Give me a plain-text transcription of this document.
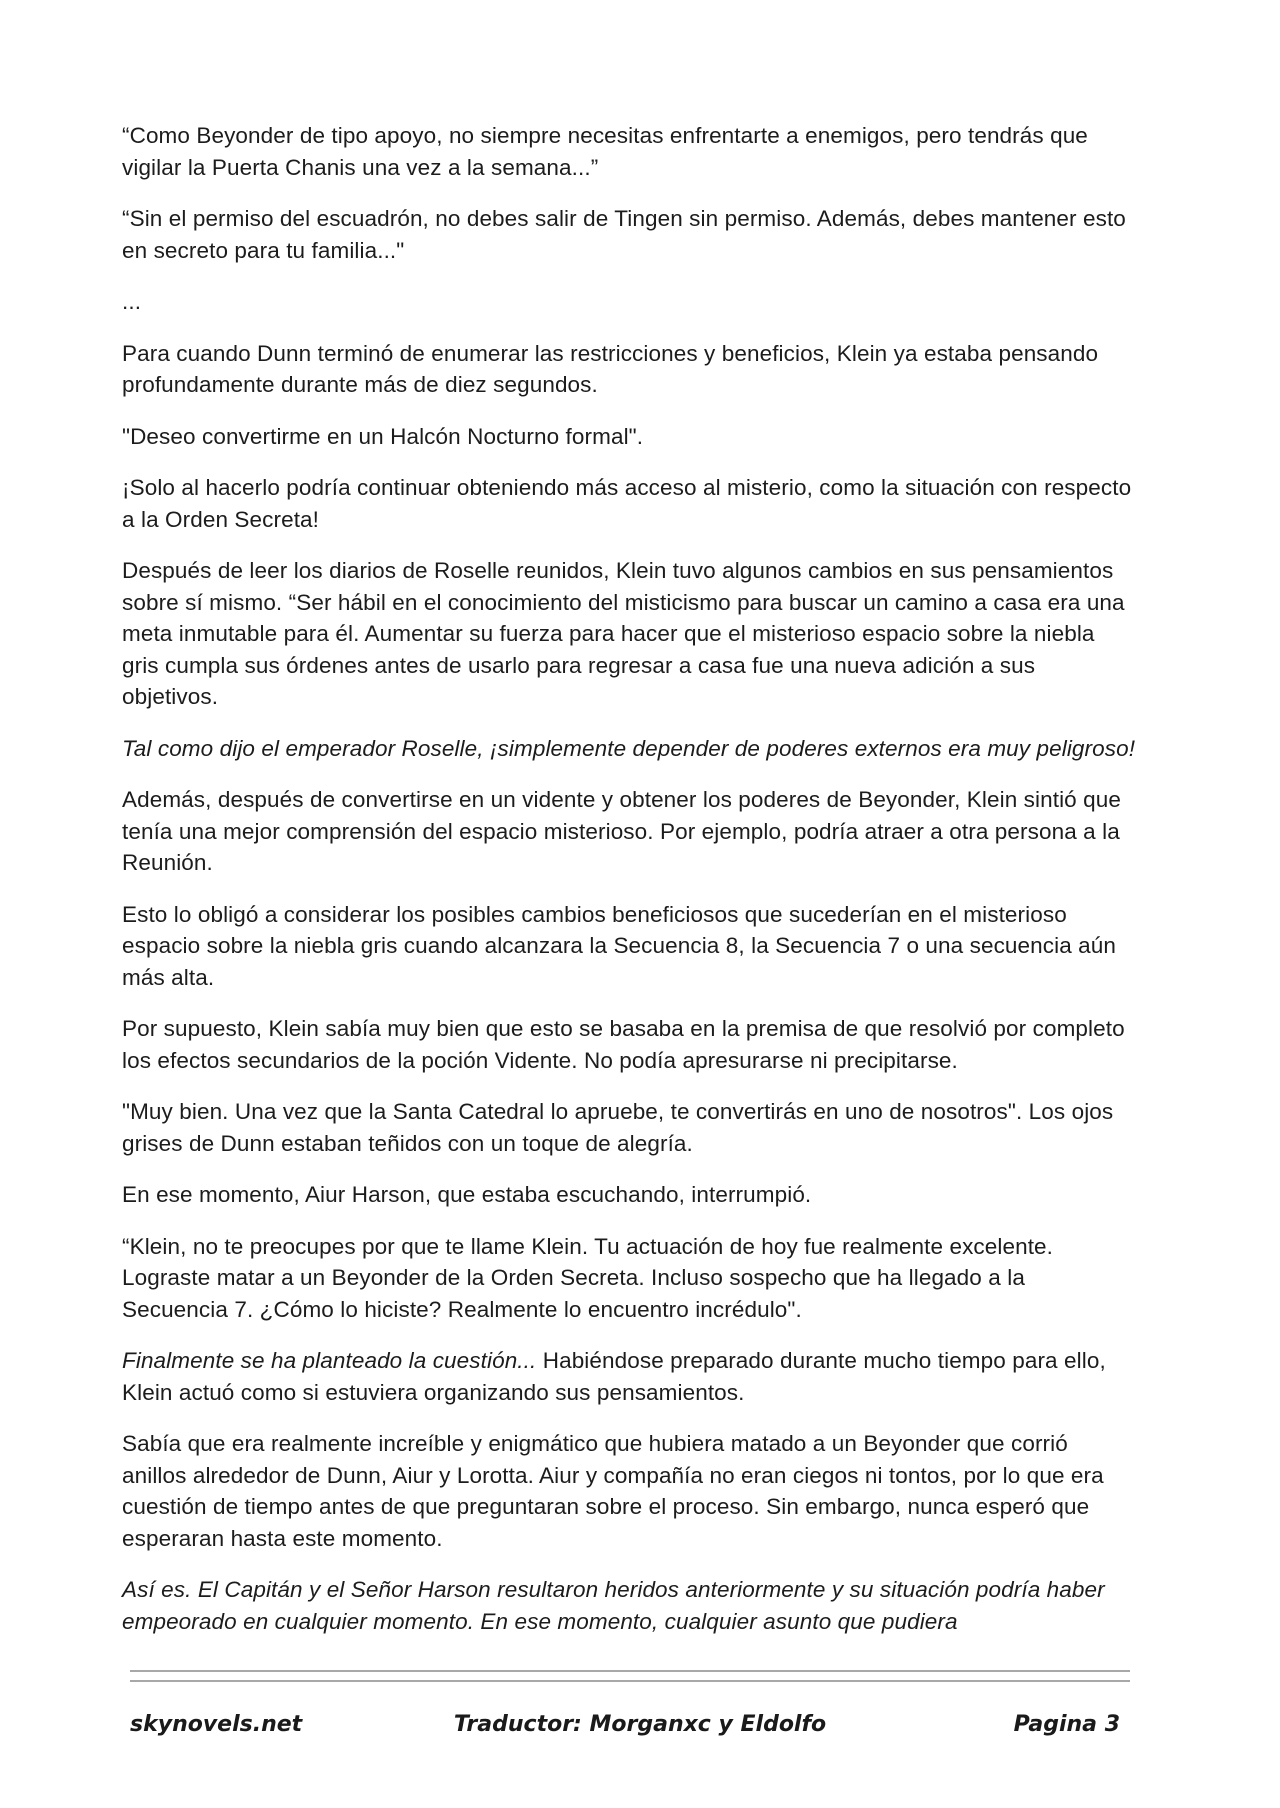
“Como Beyonder de tipo apoyo, no siempre necesitas enfrentarte a enemigos, pero tendrás que vigilar la Puerta Chanis una vez a la semana...”

“Sin el permiso del escuadrón, no debes salir de Tingen sin permiso. Además, debes mantener esto en secreto para tu familia..."

...

Para cuando Dunn terminó de enumerar las restricciones y beneficios, Klein ya estaba pensando profundamente durante más de diez segundos.

"Deseo convertirme en un Halcón Nocturno formal".

¡Solo al hacerlo podría continuar obteniendo más acceso al misterio, como la situación con respecto a la Orden Secreta!

Después de leer los diarios de Roselle reunidos, Klein tuvo algunos cambios en sus pensamientos sobre sí mismo. “Ser hábil en el conocimiento del misticismo para buscar un camino a casa era una meta inmutable para él. Aumentar su fuerza para hacer que el misterioso espacio sobre la niebla gris cumpla sus órdenes antes de usarlo para regresar a casa fue una nueva adición a sus objetivos.

Tal como dijo el emperador Roselle, ¡simplemente depender de poderes externos era muy peligroso!

Además, después de convertirse en un vidente y obtener los poderes de Beyonder, Klein sintió que tenía una mejor comprensión del espacio misterioso. Por ejemplo, podría atraer a otra persona a la Reunión.

Esto lo obligó a considerar los posibles cambios beneficiosos que sucederían en el misterioso espacio sobre la niebla gris cuando alcanzara la Secuencia 8, la Secuencia 7 o una secuencia aún más alta.

Por supuesto, Klein sabía muy bien que esto se basaba en la premisa de que resolvió por completo los efectos secundarios de la poción Vidente. No podía apresurarse ni precipitarse.

"Muy bien. Una vez que la Santa Catedral lo apruebe, te convertirás en uno de nosotros". Los ojos grises de Dunn estaban teñidos con un toque de alegría.

En ese momento, Aiur Harson, que estaba escuchando, interrumpió.

“Klein, no te preocupes por que te llame Klein. Tu actuación de hoy fue realmente excelente. Lograste matar a un Beyonder de la Orden Secreta. Incluso sospecho que ha llegado a la Secuencia 7. ¿Cómo lo hiciste? Realmente lo encuentro incrédulo".

Finalmente se ha planteado la cuestión... Habiéndose preparado durante mucho tiempo para ello, Klein actuó como si estuviera organizando sus pensamientos.

Sabía que era realmente increíble y enigmático que hubiera matado a un Beyonder que corrió anillos alrededor de Dunn, Aiur y Lorotta. Aiur y compañía no eran ciegos ni tontos, por lo que era cuestión de tiempo antes de que preguntaran sobre el proceso. Sin embargo, nunca esperó que esperaran hasta este momento.

Así es. El Capitán y el Señor Harson resultaron heridos anteriormente y su situación podría haber empeorado en cualquier momento. En ese momento, cualquier asunto que pudiera

skynovels.net	Traductor: Morganxc y Eldolfo	Pagina 3
